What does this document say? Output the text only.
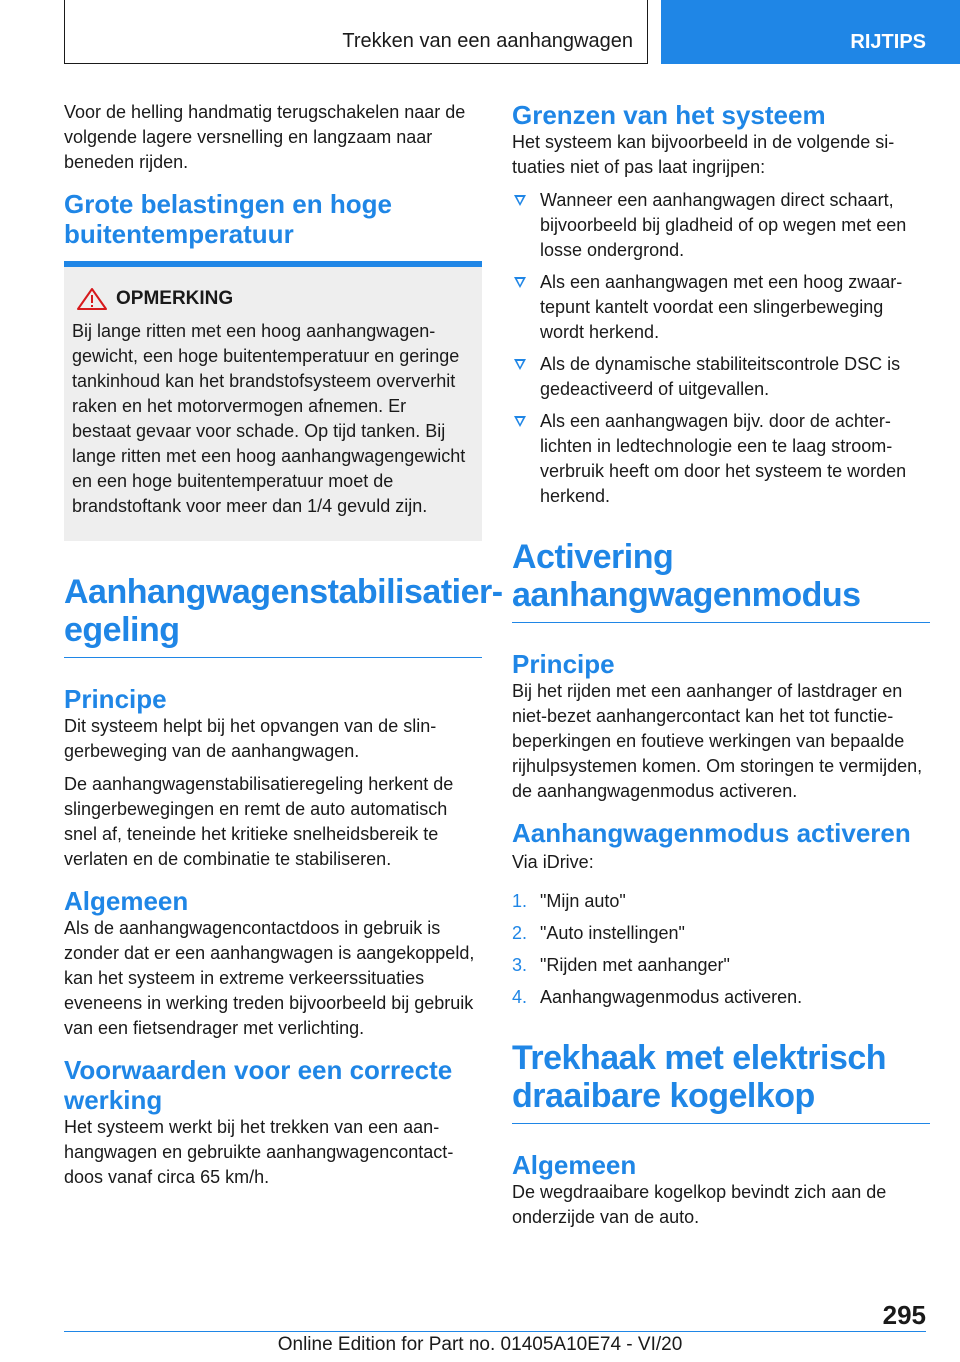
Trekken van een aanhangwagen	RIJTIPS

Voor de helling handmatig terugschakelen naar de volgende lagere versnelling en langzaam naar beneden rijden.

Grote belastingen en hoge buitentemperatuur
OPMERKING

Bij lange ritten met een hoog aanhangwagengewicht, een hoge buitentemperatuur en geringe tankinhoud kan het brandstofsysteem oververhit raken en het motorvermogen afnemen. Er bestaat gevaar voor schade. Op tijd tanken. Bij lange ritten met een hoog aanhangwagengewicht en een hoge buitentemperatuur moet de brandstoftank voor meer dan 1/4 gevuld zijn.

Aanhangwagenstabilisatieregeling
Principe

Dit systeem helpt bij het opvangen van de slingerbeweging van de aanhangwagen.

De aanhangwagenstabilisatieregeling herkent de slingerbewegingen en remt de auto automatisch snel af, teneinde het kritieke snelheidsbereik te verlaten en de combinatie te stabiliseren.

Algemeen

Als de aanhangwagencontactdoos in gebruik is zonder dat er een aanhangwagen is aangekoppeld, kan het systeem in extreme verkeerssituaties eveneens in werking treden bijvoorbeeld bij gebruik van een fietsendrager met verlichting.

Voorwaarden voor een correcte werking

Het systeem werkt bij het trekken van een aanhangwagen en gebruikte aanhangwagencontactdoos vanaf circa 65 km/h.

Grenzen van het systeem

Het systeem kan bijvoorbeeld in de volgende situaties niet of pas laat ingrijpen:

Wanneer een aanhangwagen direct schaart, bijvoorbeeld bij gladheid of op wegen met een losse ondergrond.
Als een aanhangwagen met een hoog zwaartepunt kantelt voordat een slingerbeweging wordt herkend.
Als de dynamische stabiliteitscontrole DSC is gedeactiveerd of uitgevallen.
Als een aanhangwagen bijv. door de achterlichten in ledtechnologie een te laag stroomverbruik heeft om door het systeem te worden herkend.
Activering aanhangwagenmodus
Principe

Bij het rijden met een aanhanger of lastdrager en niet-bezet aanhangercontact kan het tot functiebeperkingen en foutieve werkingen van bepaalde rijhulpsystemen komen. Om storingen te vermijden, de aanhangwagenmodus activeren.

Aanhangwagenmodus activeren

Via iDrive:

1. "Mijn auto"
2. "Auto instellingen"
3. "Rijden met aanhanger"
4. Aanhangwagenmodus activeren.
Trekhaak met elektrisch draaibare kogelkop
Algemeen

De wegdraaibare kogelkop bevindt zich aan de onderzijde van de auto.

295
Online Edition for Part no. 01405A10E74 - VI/20
